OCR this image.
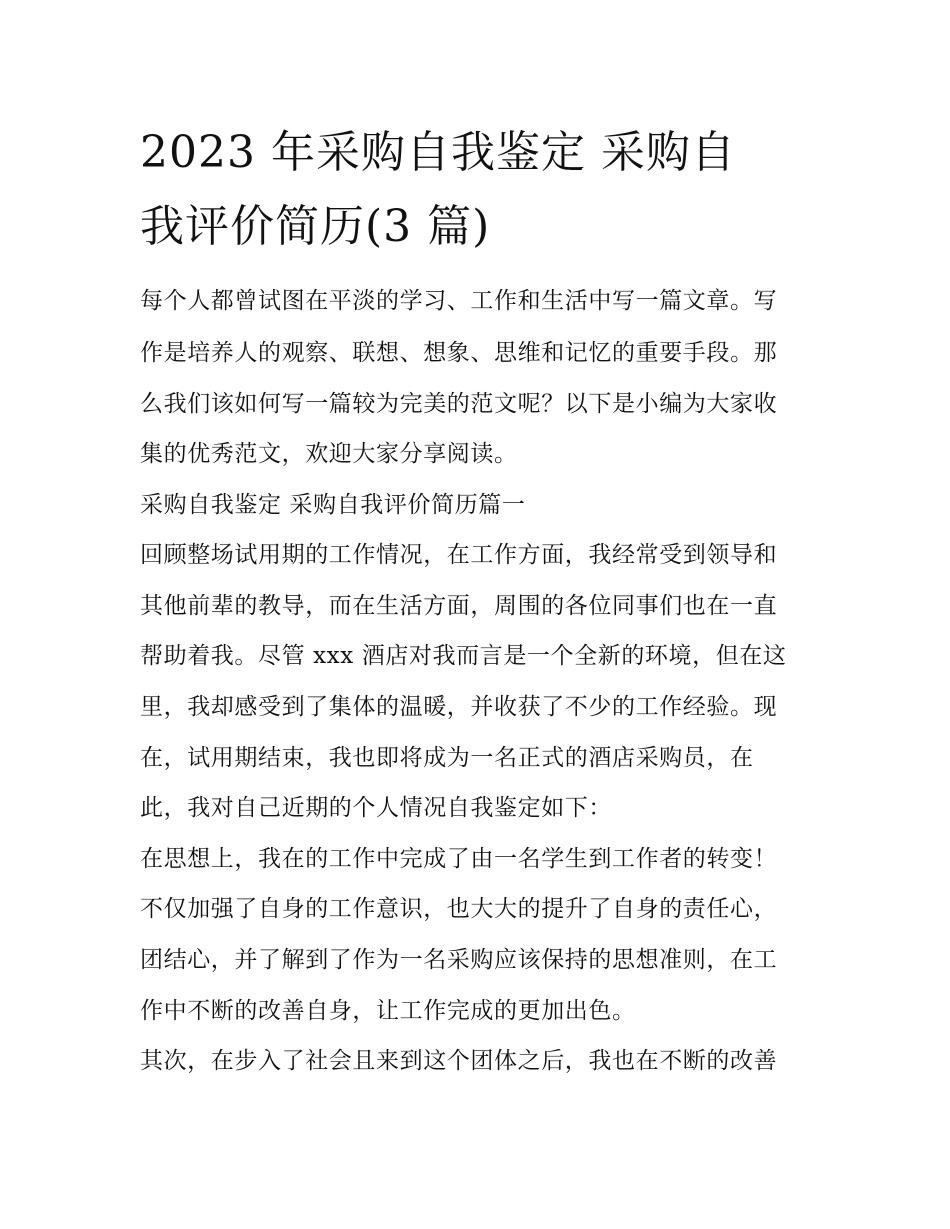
2023 年采购自我鉴定 采购自
我评价简历(3 篇)

每个人都曾试图在平淡的学习、工作和生活中写一篇文章。写

作是培养人的观察、联想、想象、思维和记忆的重要手段。那

么我们该如何写一篇较为完美的范文呢？以下是小编为大家收

集的优秀范文，欢迎大家分享阅读。

采购自我鉴定 采购自我评价简历篇一

回顾整场试用期的工作情况，在工作方面，我经常受到领导和

其他前辈的教导，而在生活方面，周围的各位同事们也在一直

帮助着我。尽管 xxx 酒店对我而言是一个全新的环境，但在这

里，我却感受到了集体的温暖，并收获了不少的工作经验。现

在，试用期结束，我也即将成为一名正式的酒店采购员，在

此，我对自己近期的个人情况自我鉴定如下：

在思想上，我在的工作中完成了由一名学生到工作者的转变！

不仅加强了自身的工作意识，也大大的提升了自身的责任心，

团结心，并了解到了作为一名采购应该保持的思想准则，在工

作中不断的改善自身，让工作完成的更加出色。

其次，在步入了社会且来到这个团体之后，我也在不断的改善
